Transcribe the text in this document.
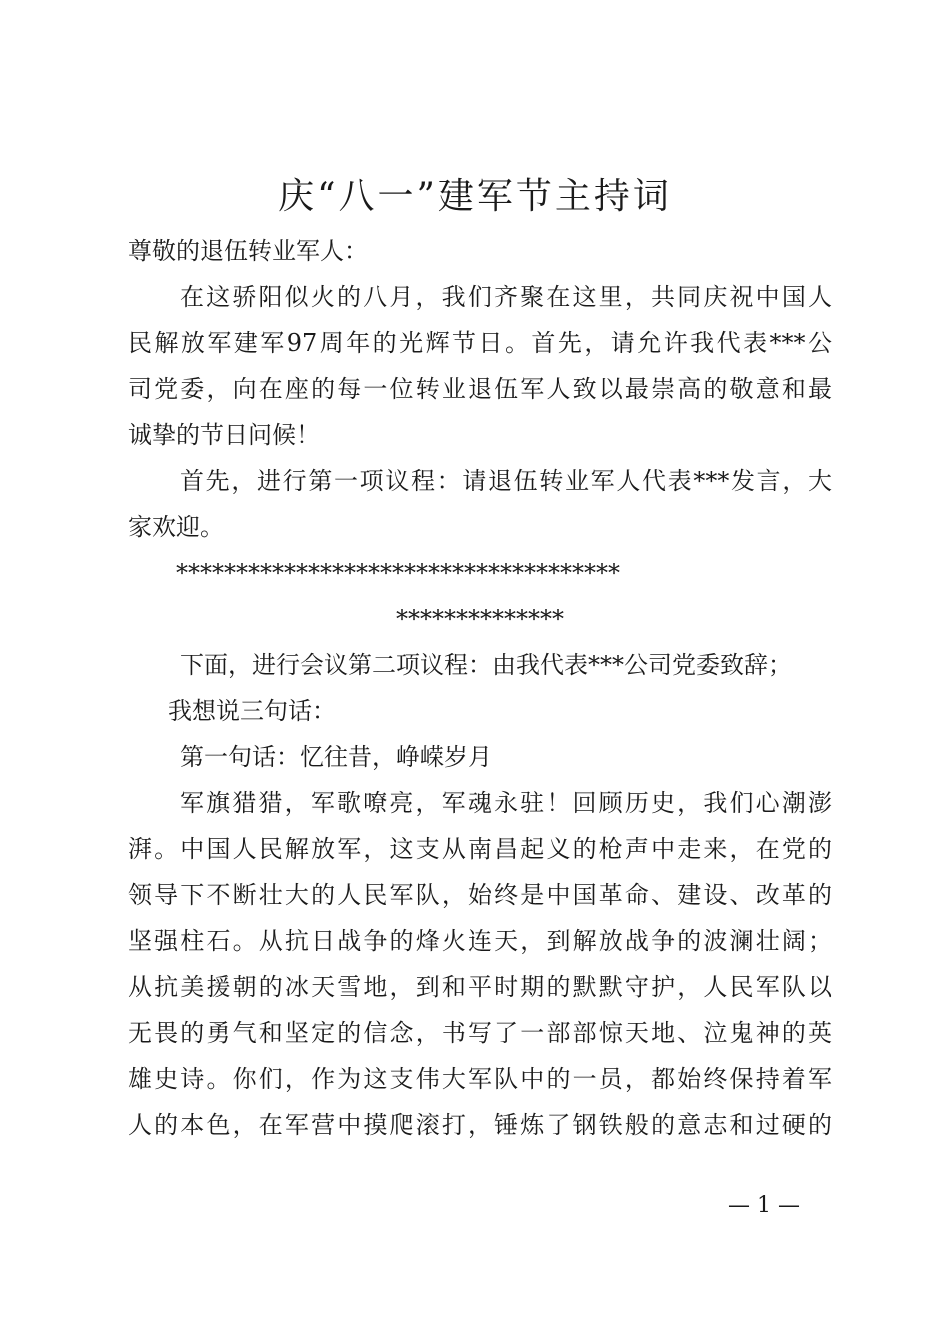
庆“八一”建军节主持词
尊敬的退伍转业军人：
在这骄阳似火的八月，我们齐聚在这里，共同庆祝中国人
民解放军建军97周年的光辉节日。首先，请允许我代表***公
司党委，向在座的每一位转业退伍军人致以最崇高的敬意和最
诚挚的节日问候！
首先，进行第一项议程：请退伍转业军人代表***发言，大
家欢迎。
*************************************
**************
下面，进行会议第二项议程：由我代表***公司党委致辞；
我想说三句话：
第一句话：忆往昔，峥嵘岁月
军旗猎猎，军歌嘹亮，军魂永驻！回顾历史，我们心潮澎
湃。中国人民解放军，这支从南昌起义的枪声中走来，在党的
领导下不断壮大的人民军队，始终是中国革命、建设、改革的
坚强柱石。从抗日战争的烽火连天，到解放战争的波澜壮阔；
从抗美援朝的冰天雪地，到和平时期的默默守护，人民军队以
无畏的勇气和坚定的信念，书写了一部部惊天地、泣鬼神的英
雄史诗。你们，作为这支伟大军队中的一员，都始终保持着军
人的本色，在军营中摸爬滚打，锤炼了钢铁般的意志和过硬的
— 1 —
